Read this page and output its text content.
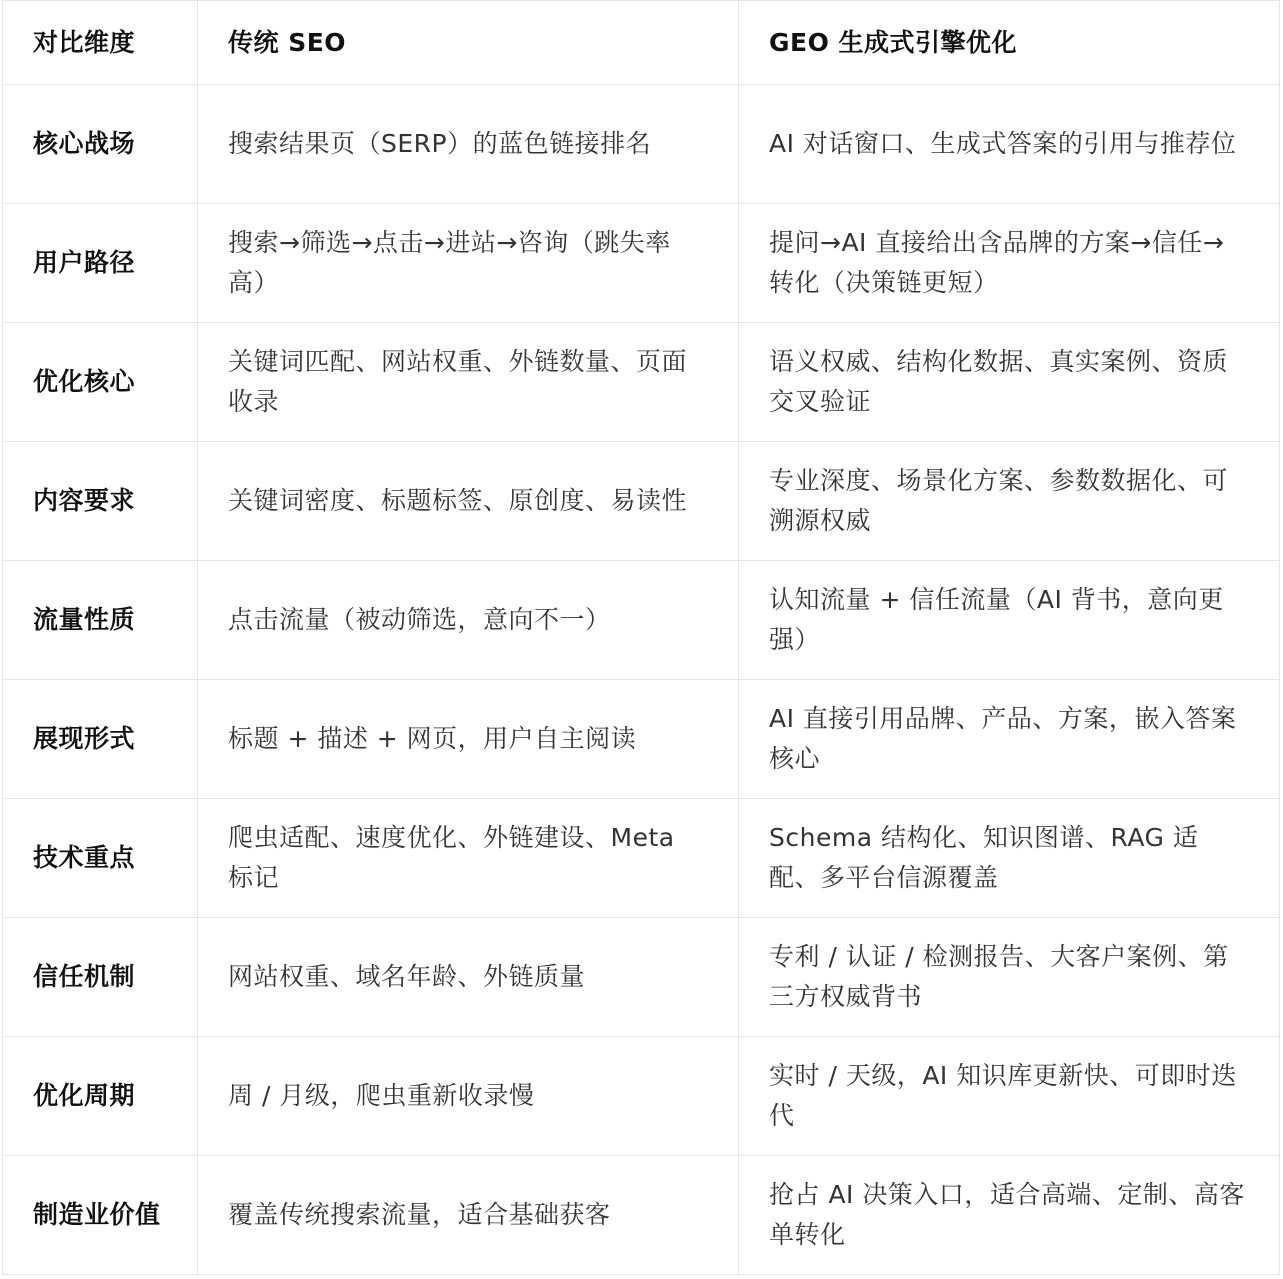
对比维度	传统 SEO	GEO 生成式引擎优化
核心战场	搜索结果页（SERP）的蓝色链接排名	AI 对话窗口、生成式答案的引用与推荐位
用户路径	搜索→筛选→点击→进站→咨询（跳失率高）	提问→AI 直接给出含品牌的方案→信任→转化（决策链更短）
优化核心	关键词匹配、网站权重、外链数量、页面收录	语义权威、结构化数据、真实案例、资质交叉验证
内容要求	关键词密度、标题标签、原创度、易读性	专业深度、场景化方案、参数数据化、可溯源权威
流量性质	点击流量（被动筛选，意向不一）	认知流量 + 信任流量（AI 背书，意向更强）
展现形式	标题 + 描述 + 网页，用户自主阅读	AI 直接引用品牌、产品、方案，嵌入答案核心
技术重点	爬虫适配、速度优化、外链建设、Meta 标记	Schema 结构化、知识图谱、RAG 适配、多平台信源覆盖
信任机制	网站权重、域名年龄、外链质量	专利 / 认证 / 检测报告、大客户案例、第三方权威背书
优化周期	周 / 月级，爬虫重新收录慢	实时 / 天级，AI 知识库更新快、可即时迭代
制造业价值	覆盖传统搜索流量，适合基础获客	抢占 AI 决策入口，适合高端、定制、高客单转化
